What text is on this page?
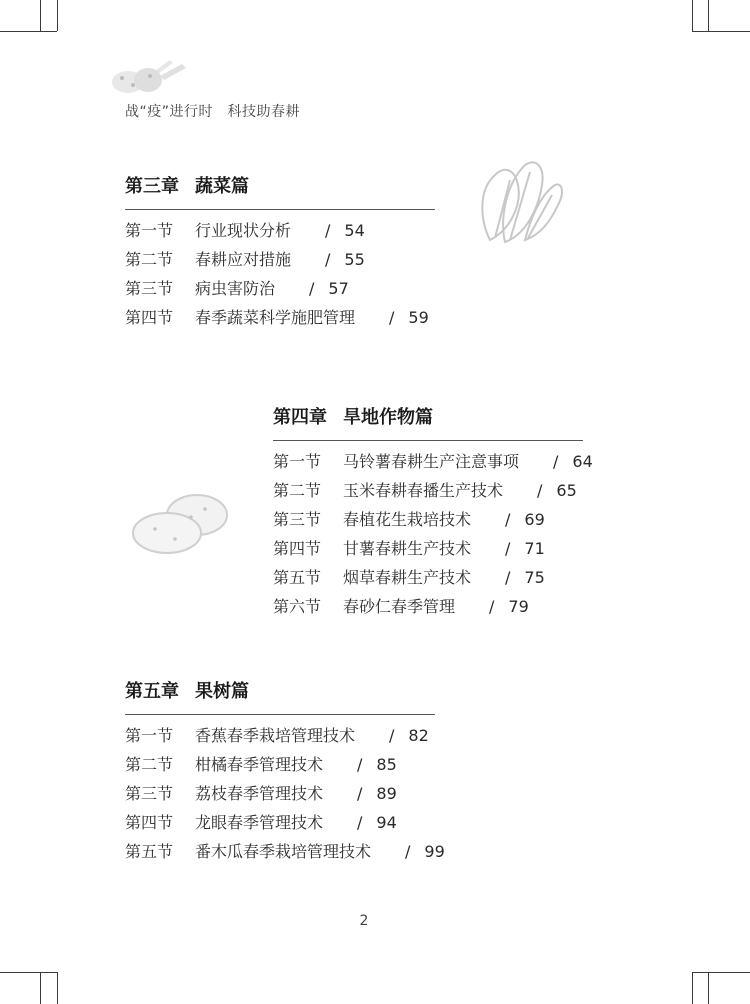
战“疫”进行时　科技助春耕
第三章 蔬菜篇
第一节 行业现状分析 / 54
第二节 春耕应对措施 / 55
第三节 病虫害防治 / 57
第四节 春季蔬菜科学施肥管理 / 59
第四章 旱地作物篇
第一节 马铃薯春耕生产注意事项 / 64
第二节 玉米春耕春播生产技术 / 65
第三节 春植花生栽培技术 / 69
第四节 甘薯春耕生产技术 / 71
第五节 烟草春耕生产技术 / 75
第六节 春砂仁春季管理 / 79
第五章 果树篇
第一节 香蕉春季栽培管理技术 / 82
第二节 柑橘春季管理技术 / 85
第三节 荔枝春季管理技术 / 89
第四节 龙眼春季管理技术 / 94
第五节 番木瓜春季栽培管理技术 / 99
2
